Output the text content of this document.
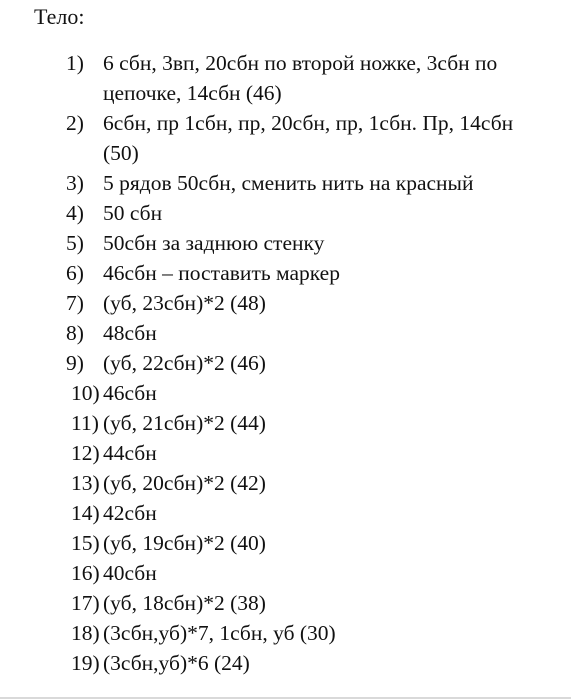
Тело:
1) 6 сбн, 3вп, 20сбн по второй ножке, 3сбн по цепочке, 14сбн (46)
2) 6сбн, пр 1сбн, пр, 20сбн, пр, 1сбн. Пр, 14сбн (50)
3) 5 рядов 50сбн, сменить нить на красный
4) 50 сбн
5) 50сбн за заднюю стенку
6) 46сбн – поставить маркер
7) (уб, 23сбн)*2 (48)
8) 48сбн
9) (уб, 22сбн)*2 (46)
10) 46сбн
11) (уб, 21сбн)*2 (44)
12) 44сбн
13) (уб, 20сбн)*2 (42)
14) 42сбн
15) (уб, 19сбн)*2 (40)
16) 40сбн
17) (уб, 18сбн)*2 (38)
18) (3сбн,уб)*7, 1сбн, уб (30)
19) (3сбн,уб)*6 (24)
